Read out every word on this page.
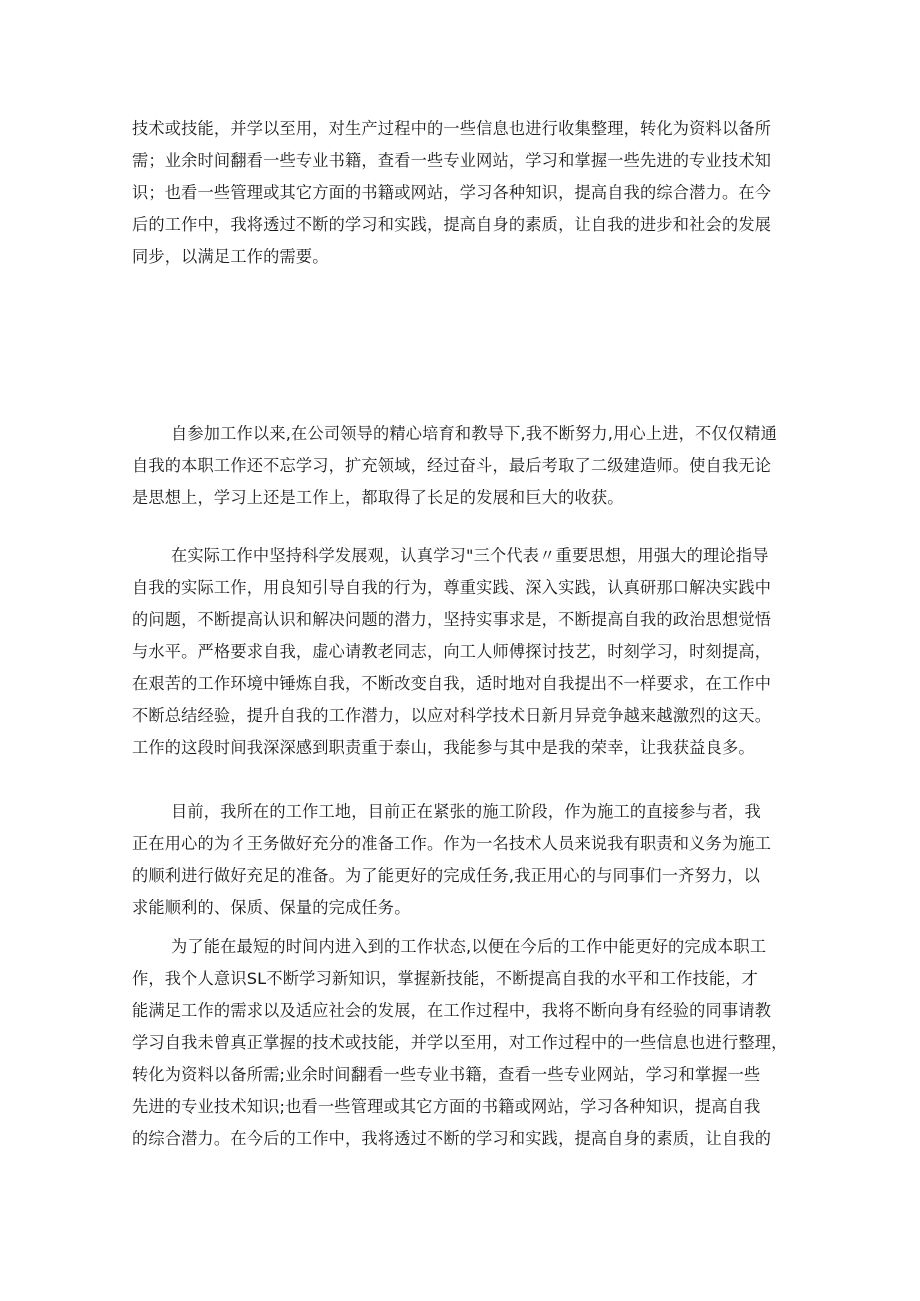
技术或技能，并学以至用，对生产过程中的一些信息也进行收集整理，转化为资料以备所
需；业余时间翻看一些专业书籍，查看一些专业网站，学习和掌握一些先进的专业技术知
识；也看一些管理或其它方面的书籍或网站，学习各种知识，提高自我的综合潜力。在今
后的工作中，我将透过不断的学习和实践，提高自身的素质，让自我的进步和社会的发展
同步，以满足工作的需要。
自参加工作以来,在公司领导的精心培育和教导下,我不断努力,用心上进，不仅仅精通
自我的本职工作还不忘学习，扩充领域，经过奋斗，最后考取了二级建造师。使自我无论
是思想上，学习上还是工作上，都取得了长足的发展和巨大的收获。
在实际工作中坚持科学发展观，认真学习"三个代表〃重要思想，用强大的理论指导
自我的实际工作，用良知引导自我的行为，尊重实践、深入实践，认真研那口解决实践中
的问题，不断提高认识和解决问题的潜力，坚持实事求是，不断提高自我的政治思想觉悟
与水平。严格要求自我，虚心请教老同志，向工人师傅探讨技艺，时刻学习，时刻提高，
在艰苦的工作环境中锤炼自我，不断改变自我，适时地对自我提出不一样要求，在工作中
不断总结经验，提升自我的工作潜力，以应对科学技术日新月异竞争越来越激烈的这天。
工作的这段时间我深深感到职责重于泰山，我能参与其中是我的荣幸，让我获益良多。
目前，我所在的工作工地，目前正在紧张的施工阶段，作为施工的直接参与者，我
正在用心的为彳王务做好充分的准备工作。作为一名技术人员来说我有职责和义务为施工
的顺利进行做好充足的准备。为了能更好的完成任务,我正用心的与同事们一齐努力，以
求能顺利的、保质、保量的完成任务。
为了能在最短的时间内进入到的工作状态,以便在今后的工作中能更好的完成本职工
作，我个人意识SL不断学习新知识，掌握新技能，不断提高自我的水平和工作技能，才
能满足工作的需求以及适应社会的发展，在工作过程中，我将不断向身有经验的同事请教
学习自我未曾真正掌握的技术或技能，并学以至用，对工作过程中的一些信息也进行整理，
转化为资料以备所需;业余时间翻看一些专业书籍，查看一些专业网站，学习和掌握一些
先进的专业技术知识;也看一些管理或其它方面的书籍或网站，学习各种知识，提高自我
的综合潜力。在今后的工作中，我将透过不断的学习和实践，提高自身的素质，让自我的
